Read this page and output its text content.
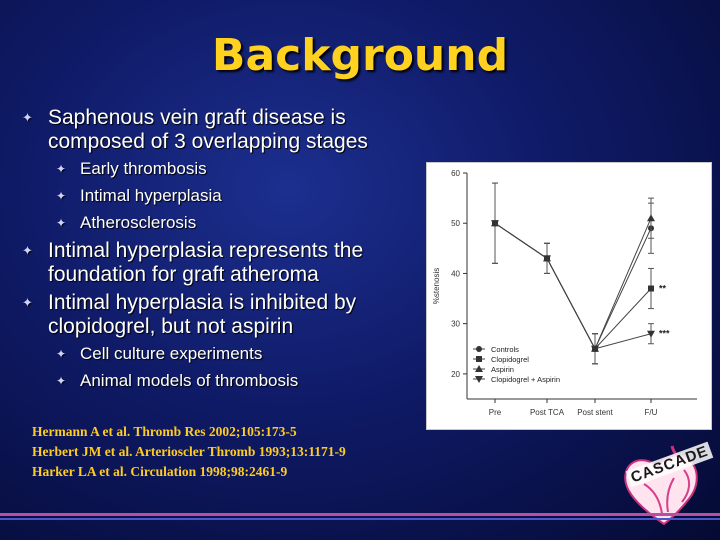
Background
✦ Saphenous vein graft disease is composed of 3 overlapping stages
✦ Early thrombosis
✦ Intimal hyperplasia
✦ Atherosclerosis
✦ Intimal hyperplasia represents the foundation for graft atheroma
✦ Intimal hyperplasia is inhibited by clopidogrel, but not aspirin
✦ Cell culture experiments
✦ Animal models of thrombosis	20
30
40
50
60
%stenosis
Pre	Post TCA Post stent	F/U
**
***
Controls
Clopidogrel
Aspirin
Clopidogrel + Aspirin
Hermann A et al. Thromb Res 2002;105:173-5
Herbert JM et al. Arterioscler Thromb 1993;13:1171-9
Harker LA et al. Circulation 1998;98:2461-9	CASCADE
